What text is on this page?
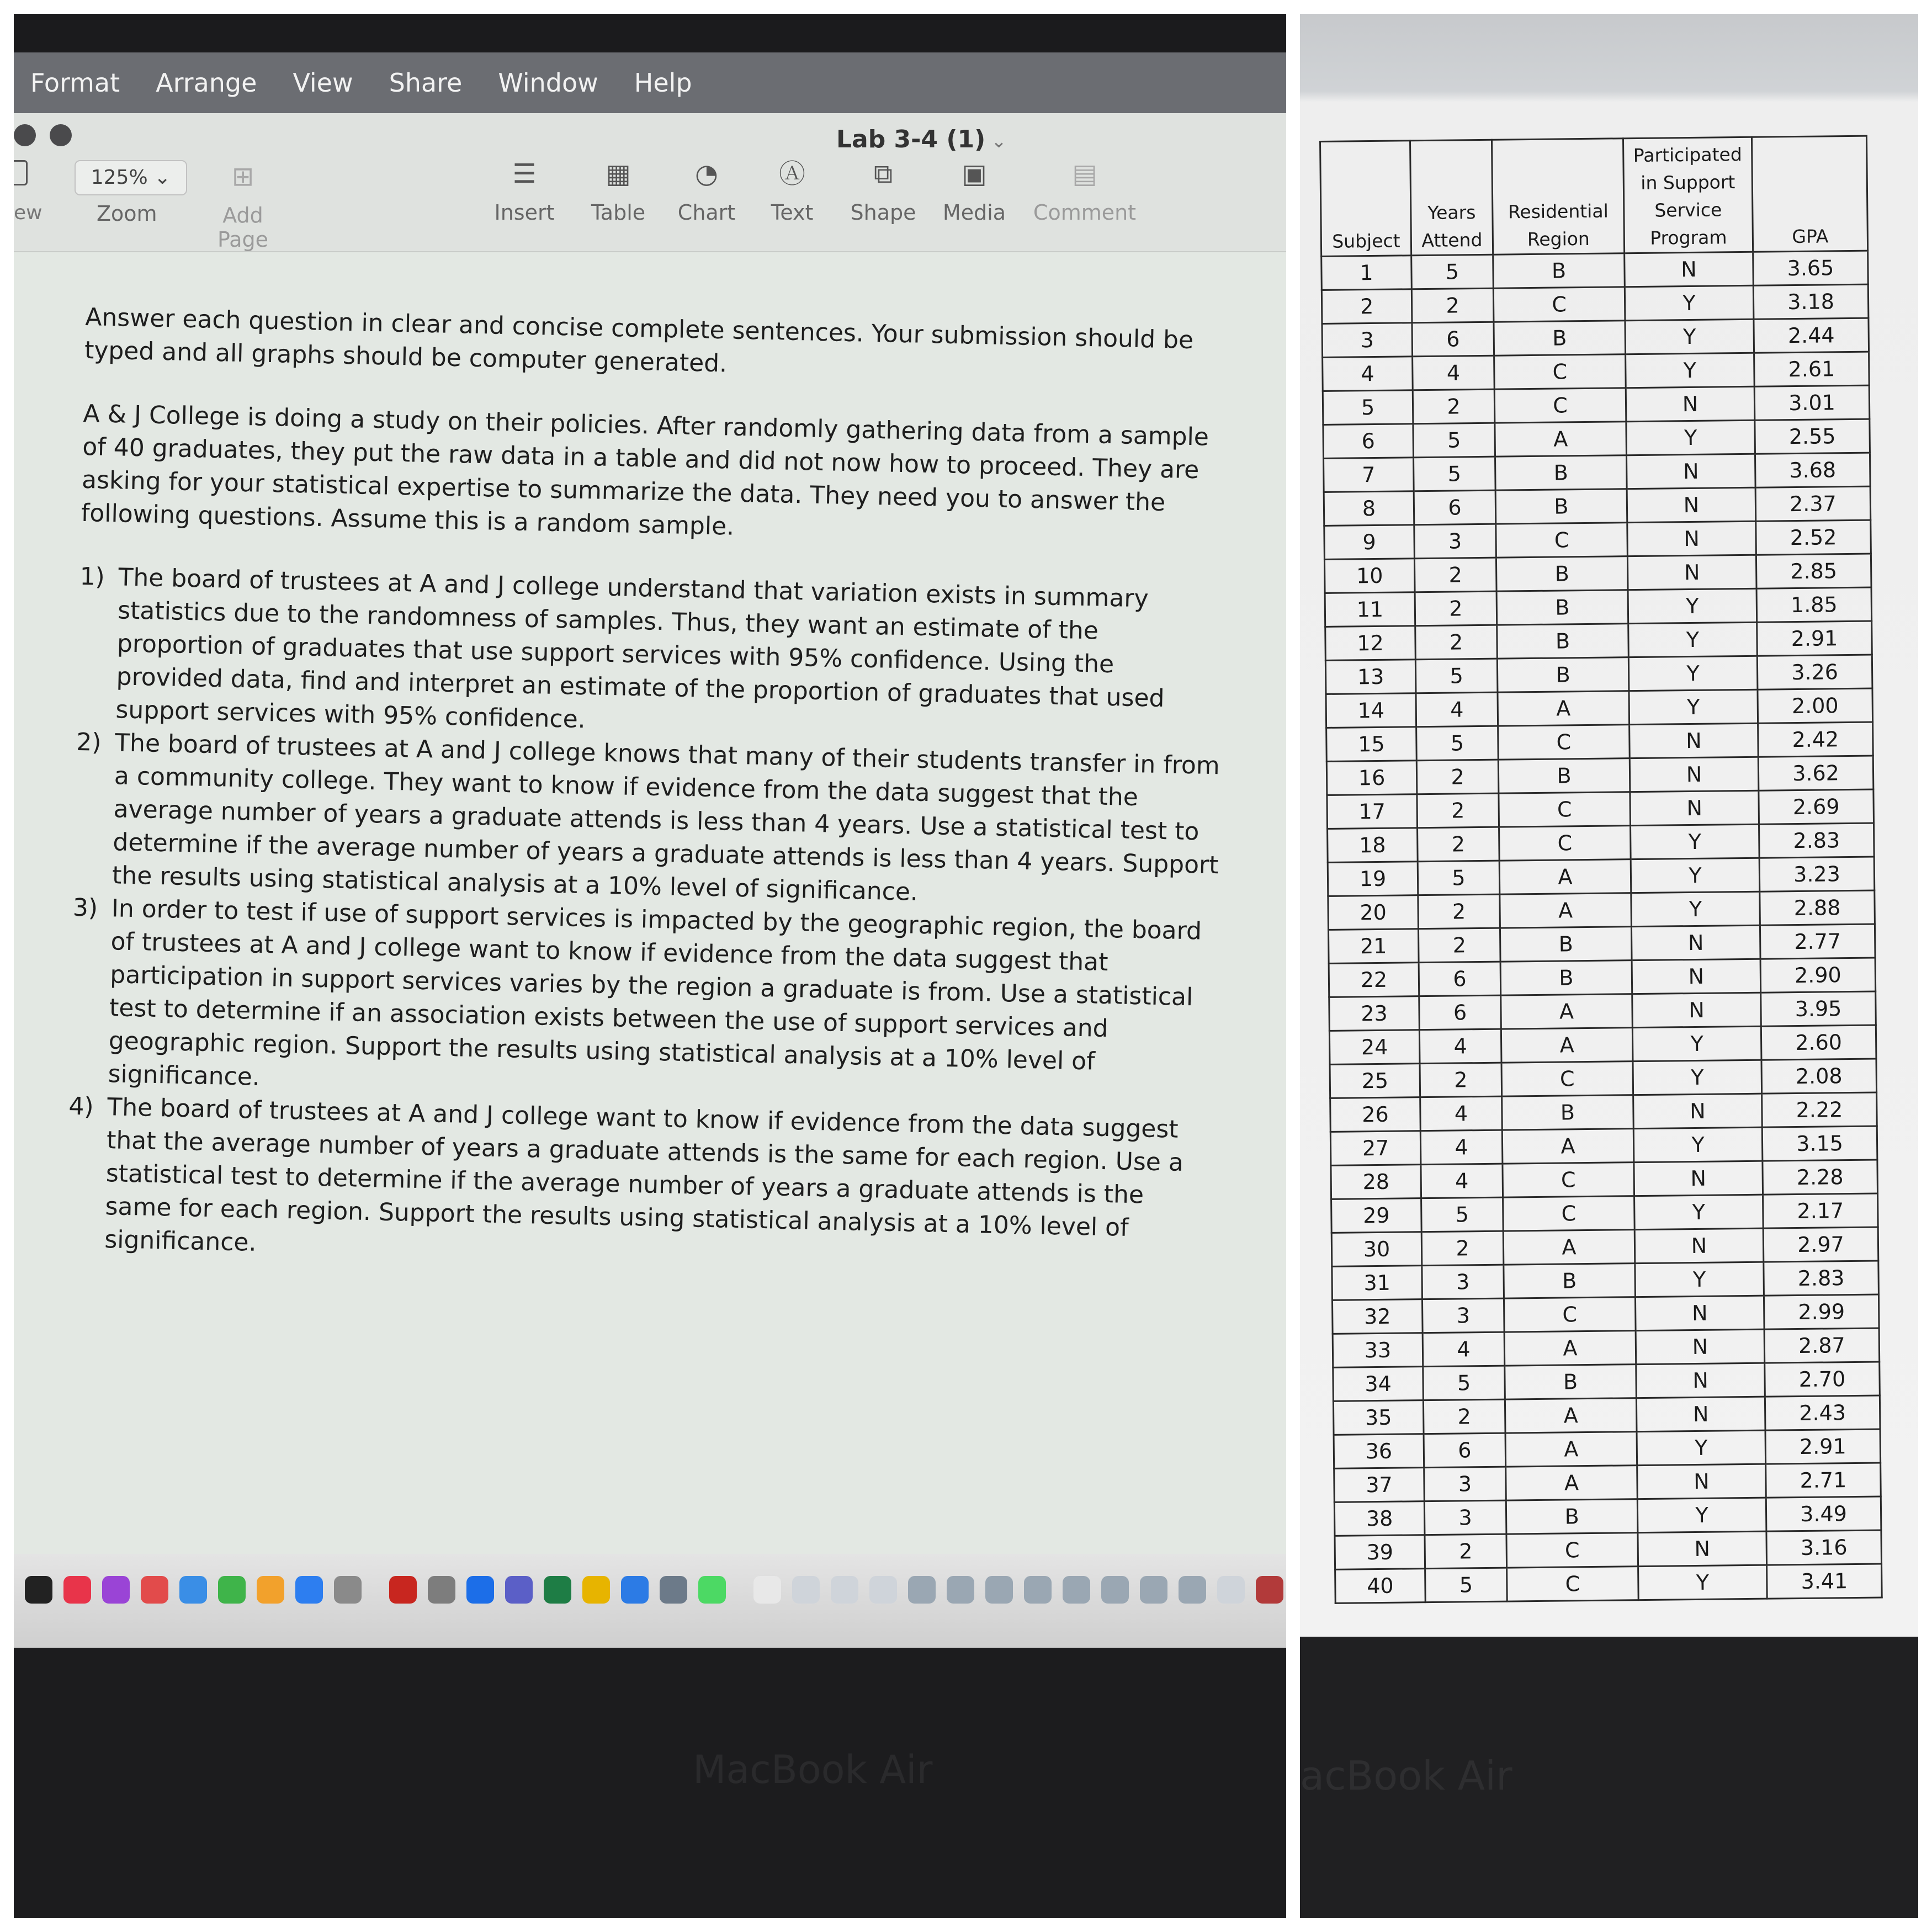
Format Arrange View Share Window Help
Lab 3-4 (1) ⌄
ew
125% ⌄
Zoom
⊞
Add Page
☰
Insert
▦
Table
◔
Chart
Ⓐ
Text
⧉
Shape
▣
Media
▤
Comment

Answer each question in clear and concise complete sentences. Your submission should be typed and all graphs should be computer generated.

A & J College is doing a study on their policies. After randomly gathering data from a sample of 40 graduates, they put the raw data in a table and did not now how to proceed. They are asking for your statistical expertise to summarize the data. They need you to answer the following questions. Assume this is a random sample.

1) The board of trustees at A and J college understand that variation exists in summary statistics due to the randomness of samples. Thus, they want an estimate of the proportion of graduates that use support services with 95% confidence. Using the provided data, find and interpret an estimate of the proportion of graduates that used support services with 95% confidence.
2) The board of trustees at A and J college knows that many of their students transfer in from a community college. They want to know if evidence from the data suggest that the average number of years a graduate attends is less than 4 years. Use a statistical test to determine if the average number of years a graduate attends is less than 4 years. Support the results using statistical analysis at a 10% level of significance.
3) In order to test if use of support services is impacted by the geographic region, the board of trustees at A and J college want to know if evidence from the data suggest that participation in support services varies by the region a graduate is from. Use a statistical test to determine if an association exists between the use of support services and geographic region. Support the results using statistical analysis at a 10% level of significance.
4) The board of trustees at A and J college want to know if evidence from the data suggest that the average number of years a graduate attends is the same for each region. Use a statistical test to determine if the average number of years a graduate attends is the same for each region. Support the results using statistical analysis at a 10% level of significance.
MacBook Air
Subject	Years Attend	Residential Region	Participated in Support Service Program	GPA
1	5	B	N	3.65
2	2	C	Y	3.18
3	6	B	Y	2.44
4	4	C	Y	2.61
5	2	C	N	3.01
6	5	A	Y	2.55
7	5	B	N	3.68
8	6	B	N	2.37
9	3	C	N	2.52
10	2	B	N	2.85
11	2	B	Y	1.85
12	2	B	Y	2.91
13	5	B	Y	3.26
14	4	A	Y	2.00
15	5	C	N	2.42
16	2	B	N	3.62
17	2	C	N	2.69
18	2	C	Y	2.83
19	5	A	Y	3.23
20	2	A	Y	2.88
21	2	B	N	2.77
22	6	B	N	2.90
23	6	A	N	3.95
24	4	A	Y	2.60
25	2	C	Y	2.08
26	4	B	N	2.22
27	4	A	Y	3.15
28	4	C	N	2.28
29	5	C	Y	2.17
30	2	A	N	2.97
31	3	B	Y	2.83
32	3	C	N	2.99
33	4	A	N	2.87
34	5	B	N	2.70
35	2	A	N	2.43
36	6	A	Y	2.91
37	3	A	N	2.71
38	3	B	Y	3.49
39	2	C	N	3.16
40	5	C	Y	3.41
acBook Air
